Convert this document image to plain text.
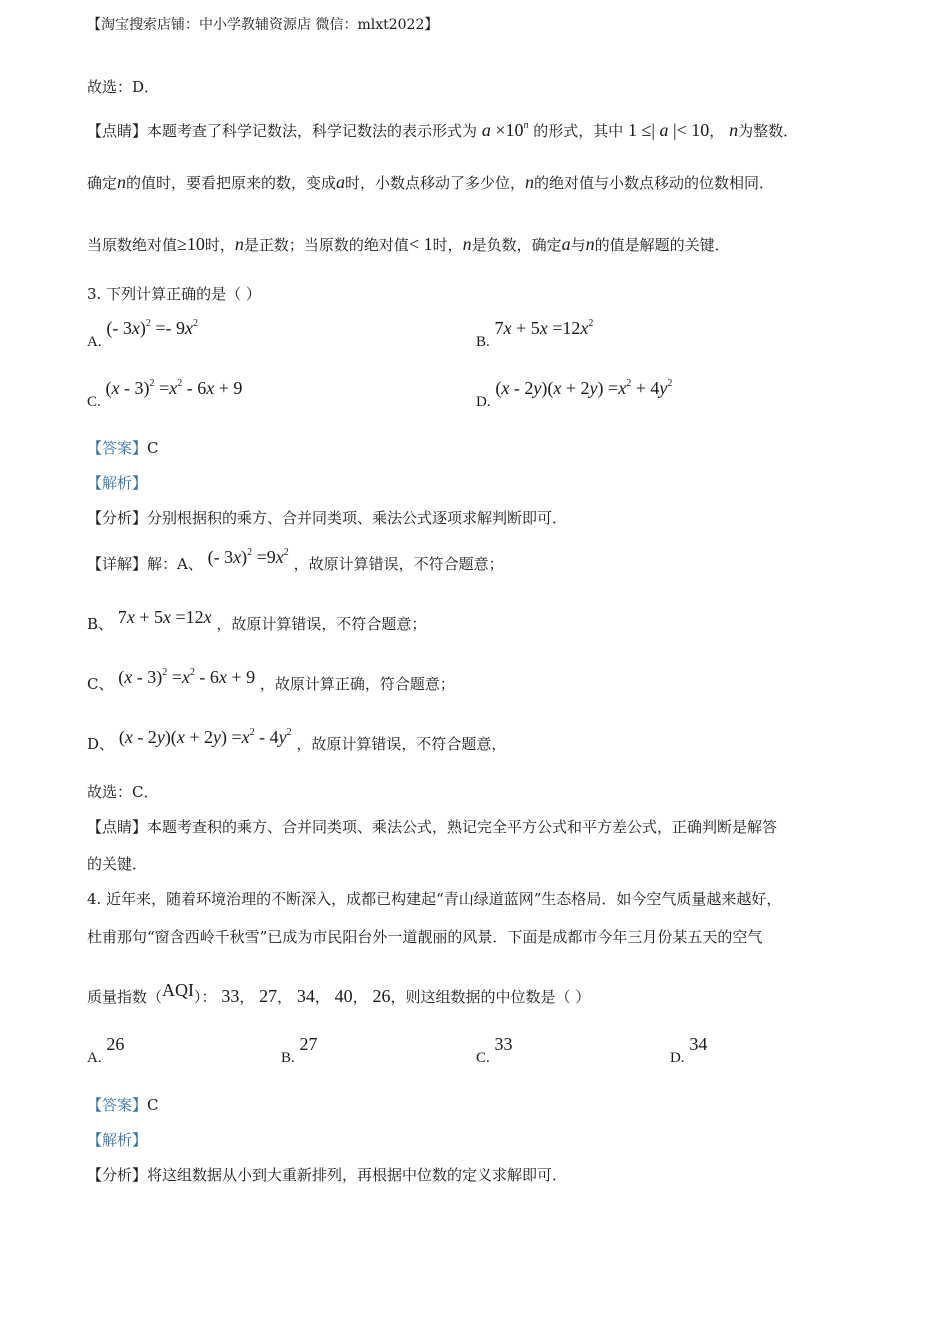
【淘宝搜索店铺：中小学教辅资源店 微信：mlxt2022】
故选：D．
【点睛】本题考查了科学记数法，科学记数法的表示形式为 $a \times 10^n$ 的形式，其中 1 ≤| a |< 10， n为整数．
确定n的值时，要看把原来的数，变成a时，小数点移动了多少位，n的绝对值与小数点移动的位数相同．
当原数绝对值≥10时，n是正数；当原数的绝对值< 1时，n是负数，确定a与n的值是解题的关键．
3. 下列计算正确的是（ ）
A. (- $3x)^2 =- 9x^2$
B. $7x + 5x =12x^2$
C. $(x - 3)^2 =x^2 - 6x + 9$
D. $(x - 2y)(x + 2y) =x^2 + 4y^2$
【答案】C
【解析】
【分析】分别根据积的乘方、合并同类项、乘法公式逐项求解判断即可．
【详解】解：A、 (- $3x)^2 =9x^2$ ，故原计算错误，不符合题意；
B、 7x + 5x =12x ，故原计算错误，不符合题意；
C、 $(x - 3)^2 =x^2 - 6x + 9$ ，故原计算正确，符合题意；
D、 $(x - 2y)(x + 2y) =x^2 - 4y^2$ ，故原计算错误，不符合题意，
故选：C．
【点睛】本题考查积的乘方、合并同类项、乘法公式，熟记完全平方公式和平方差公式，正确判断是解答
的关键．
4. 近年来，随着环境治理的不断深入，成都已构建起“青山绿道蓝网”生态格局．如今空气质量越来越好，
杜甫那句“窗含西岭千秋雪”已成为市民阳台外一道靓丽的风景．下面是成都市今年三月份某五天的空气
质量指数（AQI）： 33， 27， 34， 40， 26，则这组数据的中位数是（ ）
A. 26
B. 27
C. 33
D. 34
【答案】C
【解析】
【分析】将这组数据从小到大重新排列，再根据中位数的定义求解即可．
